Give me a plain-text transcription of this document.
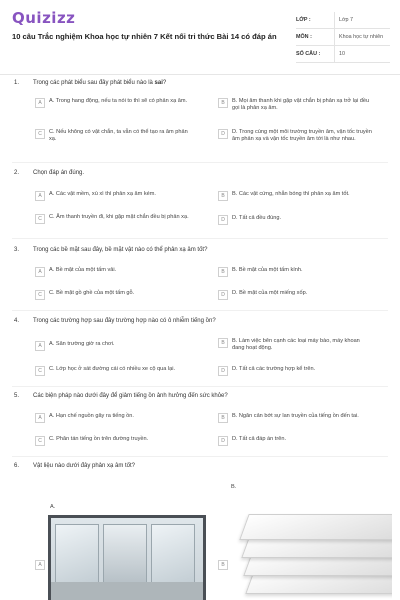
Quizizz
10 câu Trắc nghiệm Khoa học tự nhiên 7 Kết nối tri thức Bài 14 có đáp án
LỚP :	Lớp 7
MÔN :	Khoa học tự nhiên
SỐ CÂU :	10
1. Trong các phát biểu sau đây phát biểu nào là sai?
A	A. Trong hang động, nếu ta nói to thì sẽ có phản xạ âm.	B	B. Mọi âm thanh khi gặp vật chắn bị phản xạ trở lại đều gọi là phản xạ âm.
C	C. Nếu không có vật chắn, ta vẫn có thể tạo ra âm phản xạ.
D	D. Trong cùng một môi trường truyền âm, vận tốc truyền âm phản xạ và vận tốc truyền âm tới là như nhau.
2. Chọn đáp án đúng.
A	A. Các vật mềm, xù xì thì phản xạ âm kém.	B	B. Các vật cứng, nhẵn bóng thì phản xạ âm tốt.
C	C. Âm thanh truyền đi, khi gặp mặt chắn đều bị phản xạ.	D	D. Tất cả đều đúng.
3. Trong các bề mặt sau đây, bề mặt vật nào có thể phản xạ âm tốt?
A	A. Bề mặt của một tấm vải.	B	B. Bề mặt của một tấm kính.
C	C. Bề mặt gồ ghề của một tấm gỗ.	D	D. Bề mặt của một miếng xốp.
4. Trong các trường hợp sau đây trường hợp nào có ô nhiễm tiếng ồn?
A	A. Sân trường giờ ra chơi.	B	B. Làm việc bên cạnh các loại máy bào, máy khoan đang hoạt động.
C	C. Lớp học ở sát đường cái có nhiều xe cộ qua lại.	D	D. Tất cả các trường hợp kể trên.
5. Các biện pháp nào dưới đây để giảm tiếng ồn ảnh hưởng đến sức khỏe?
A	A. Hạn chế nguồn gây ra tiếng ồn.	B	B. Ngăn cản bớt sự lan truyền của tiếng ồn đến tai.
C	C. Phân tán tiếng ồn trên đường truyền.	D	D. Tất cả đáp án trên.
6. Vật liệu nào dưới đây phản xạ âm tốt?
B.
A.
A	B
